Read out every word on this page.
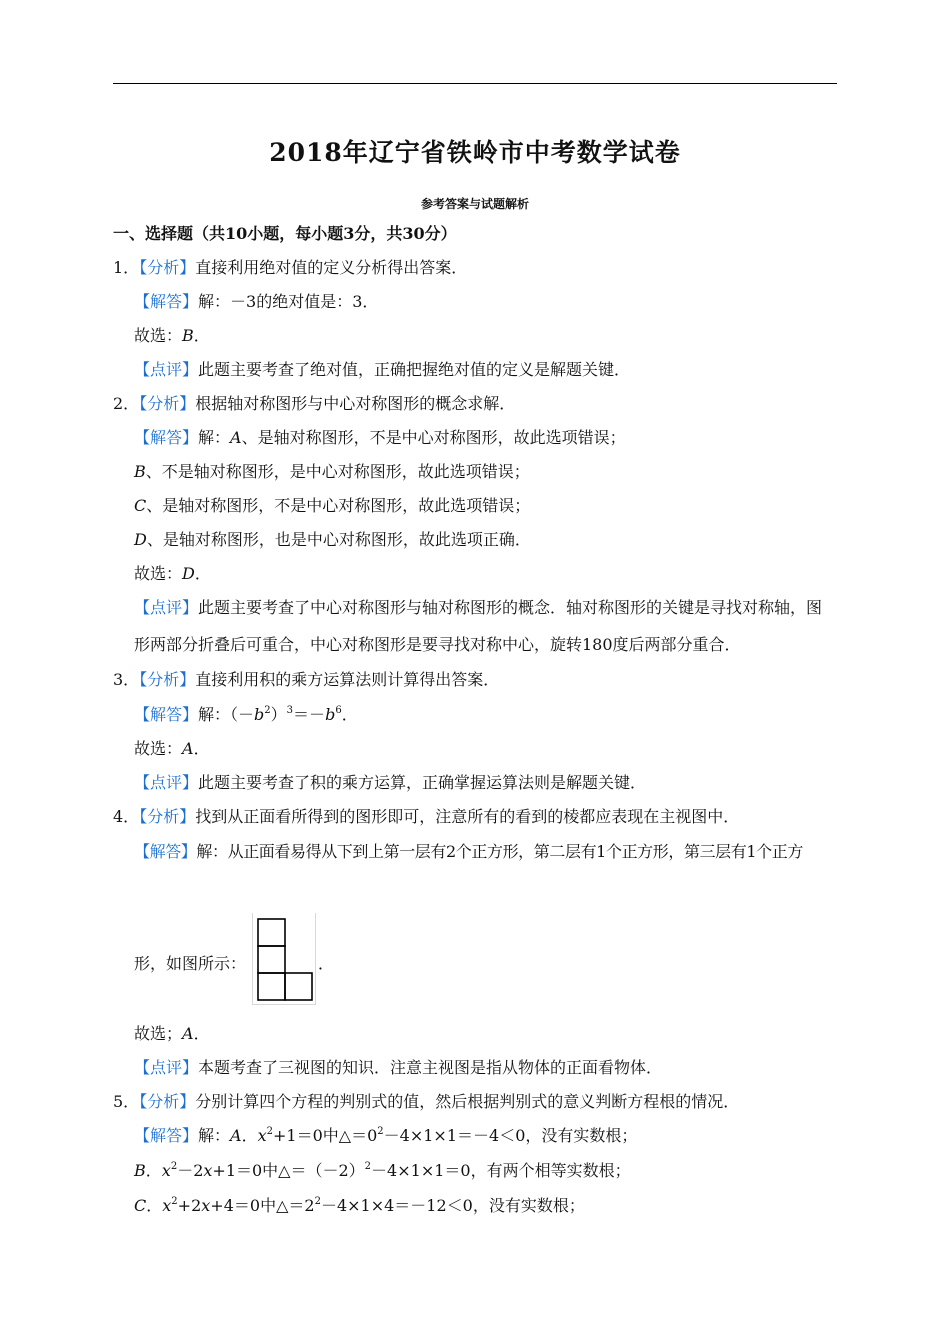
2018年辽宁省铁岭市中考数学试卷
参考答案与试题解析
一、选择题（共10小题，每小题3分，共30分）
1．【分析】直接利用绝对值的定义分析得出答案．
【解答】解：－3的绝对值是：3．
故选：B．
【点评】此题主要考查了绝对值，正确把握绝对值的定义是解题关键．
2．【分析】根据轴对称图形与中心对称图形的概念求解．
【解答】解：A、是轴对称图形，不是中心对称图形，故此选项错误；
B、不是轴对称图形，是中心对称图形，故此选项错误；
C、是轴对称图形，不是中心对称图形，故此选项错误；
D、是轴对称图形，也是中心对称图形，故此选项正确．
故选：D．
【点评】此题主要考查了中心对称图形与轴对称图形的概念．轴对称图形的关键是寻找对称轴，图
形两部分折叠后可重合，中心对称图形是要寻找对称中心，旋转180度后两部分重合．
3．【分析】直接利用积的乘方运算法则计算得出答案．
【解答】解：$(-b^2)^3=-b^6$．
故选：A．
【点评】此题主要考查了积的乘方运算，正确掌握运算法则是解题关键．
4．【分析】找到从正面看所得到的图形即可，注意所有的看到的棱都应表现在主视图中．
【解答】解：从正面看易得从下到上第一层有2个正方形，第二层有1个正方形，第三层有1个正方
形，如图所示：	．
故选；A．
【点评】本题考查了三视图的知识．注意主视图是指从物体的正面看物体．
5．【分析】分别计算四个方程的判别式的值，然后根据判别式的意义判断方程根的情况．
【解答】解：A．$x^2+1=0$中$\triangle=0^2-4\times 1\times 1=-4<0$，没有实数根；
B．$x^2-2x+1=0$中$\triangle=(-2)^2-4\times 1\times 1=0$，有两个相等实数根；
C．$x^2+2x+4=0$中$\triangle=2^2-4\times 1\times 4=-12<0$，没有实数根；
